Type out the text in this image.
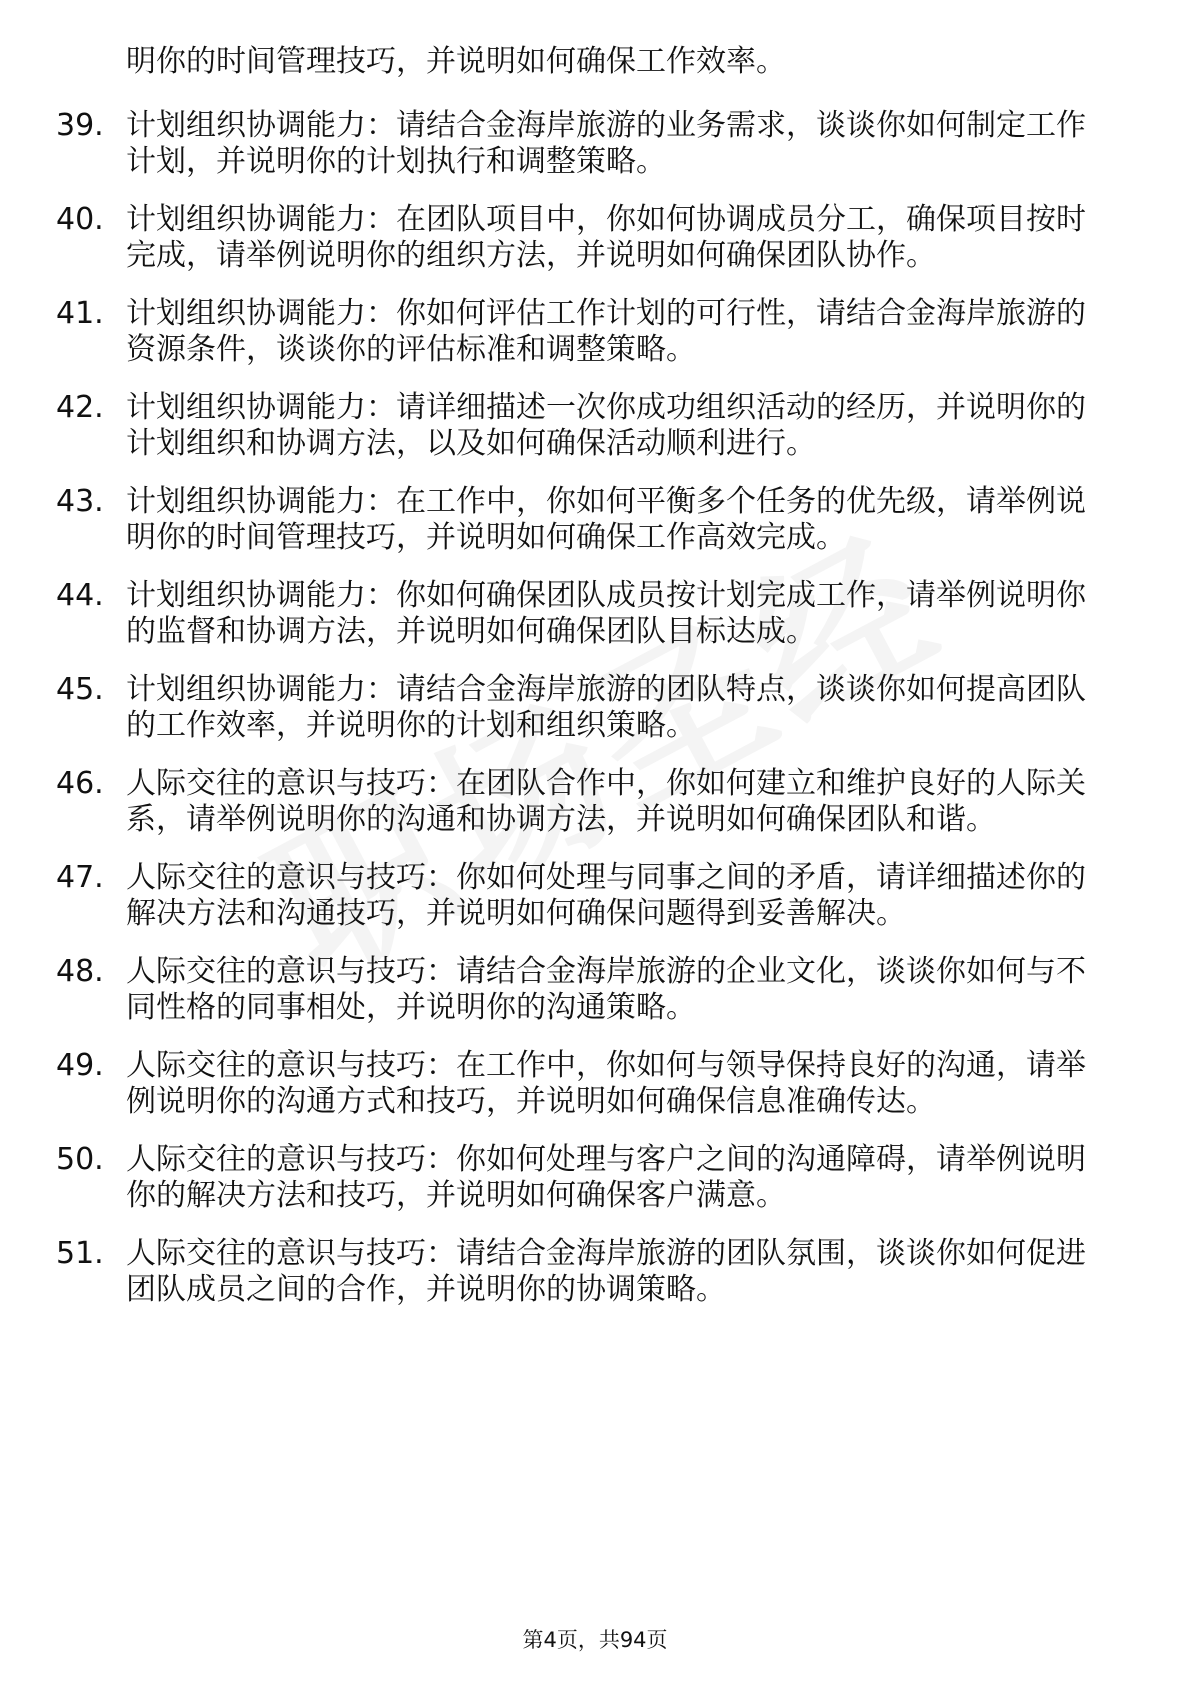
明你的时间管理技巧，并说明如何确保工作效率。

39. 计划组织协调能力：请结合金海岸旅游的业务需求，谈谈你如何制定工作计划，并说明你的计划执行和调整策略。
40. 计划组织协调能力：在团队项目中，你如何协调成员分工，确保项目按时完成，请举例说明你的组织方法，并说明如何确保团队协作。
41. 计划组织协调能力：你如何评估工作计划的可行性，请结合金海岸旅游的资源条件，谈谈你的评估标准和调整策略。
42. 计划组织协调能力：请详细描述一次你成功组织活动的经历，并说明你的计划组织和协调方法，以及如何确保活动顺利进行。
43. 计划组织协调能力：在工作中，你如何平衡多个任务的优先级，请举例说明你的时间管理技巧，并说明如何确保工作高效完成。
44. 计划组织协调能力：你如何确保团队成员按计划完成工作，请举例说明你的监督和协调方法，并说明如何确保团队目标达成。
45. 计划组织协调能力：请结合金海岸旅游的团队特点，谈谈你如何提高团队的工作效率，并说明你的计划和组织策略。
46. 人际交往的意识与技巧：在团队合作中，你如何建立和维护良好的人际关系，请举例说明你的沟通和协调方法，并说明如何确保团队和谐。
47. 人际交往的意识与技巧：你如何处理与同事之间的矛盾，请详细描述你的解决方法和沟通技巧，并说明如何确保问题得到妥善解决。
48. 人际交往的意识与技巧：请结合金海岸旅游的企业文化，谈谈你如何与不同性格的同事相处，并说明你的沟通策略。
49. 人际交往的意识与技巧：在工作中，你如何与领导保持良好的沟通，请举例说明你的沟通方式和技巧，并说明如何确保信息准确传达。
50. 人际交往的意识与技巧：你如何处理与客户之间的沟通障碍，请举例说明你的解决方法和技巧，并说明如何确保客户满意。
51. 人际交往的意识与技巧：请结合金海岸旅游的团队氛围，谈谈你如何促进团队成员之间的合作，并说明你的协调策略。
第4页，共94页
